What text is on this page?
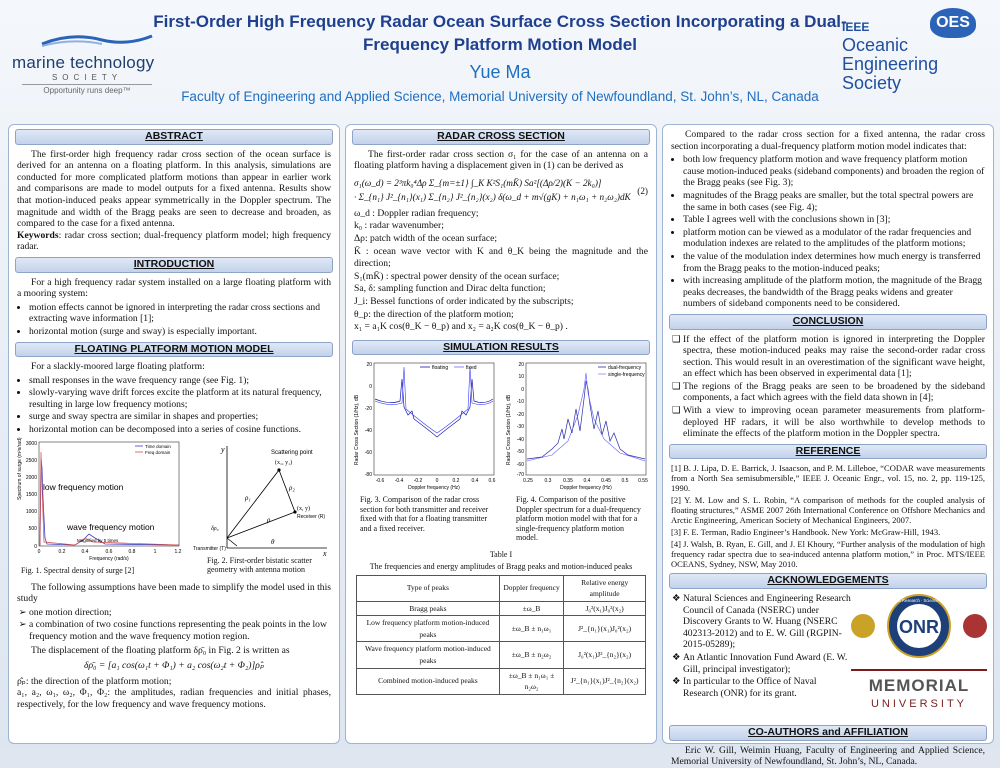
marine technology
SOCIETY
Opportunity runs deep™
First-Order High Frequency Radar Ocean Surface Cross Section Incorporating a Dual-Frequency Platform Motion Model
Yue Ma
Faculty of Engineering and Applied Science, Memorial University of Newfoundland, St. John’s, NL, Canada
OES
IEEE
Oceanic
Engineering Society
ABSTRACT
The first-order high frequency radar cross section of the ocean surface is derived for an antenna on a floating platform. In this analysis, simulations are conducted for more complicated platform motions than appear in earlier work and comparisons are made to model outputs for a fixed antenna. Results show that motion-induced peaks appear symmetrically in the Doppler spectrum. The magnitude and width of the Bragg peaks are seen to decrease and broaden, as compared to the case for a fixed antenna.
Keywords: radar cross section; dual-frequency platform model; high frequency radar.
INTRODUCTION
For a high frequency radar system installed on a large floating platform with a mooring system:
• motion effects cannot be ignored in interpreting the radar cross sections and extracting wave information [1];
• horizontal motion (surge and sway) is especially important.
FLOATING PLATFORM MOTION MODEL
For a slackly-moored large floating platform:
• small responses in the wave frequency range (see Fig. 1);
• slowly-varying wave drift forces excite the platform at its natural frequency, resulting in large low frequency motions;
• surge and sway spectra are similar in shapes and properties;
• horizontal motion can be decomposed into a series of cosine functions.
Spectrum of surge (m²s/rad) 3000
2500
2000
1500
1000
500
0
0	0.2	0.4	0.6	0.8	1	1.2
Frequency (rad/s)
Time domain
Freq domain
low frequency motion
wave frequency motion
Magnified by 5 times
Fig. 1. Spectral density of surge [2]
y
x
Scattering point
(x₁, y₁)
(x, y)
Receiver (R)
Transmitter (T)
ρ₁
ρ₂
ρ
δρ₀
θ
Fig. 2. First-order bistatic scatter geometry with antenna motion
The following assumptions have been made to simplify the model used in this study
➢ one motion direction;
➢ a combination of two cosine functions representing the peak points in the low frequency motion and the wave frequency motion region.
The displacement of the floating platform δρ̄₀ in Fig. 2 is written as
δρ̄₀ = [a₁ cos(ω₁t + Φ₁) + a₂ cos(ω₂t + Φ₂)]ρ̂ₚ
ρ̂ₚ: the direction of the platform motion;
a₁, a₂, ω₁, ω₂, Φ₁, Φ₂: the amplitudes, radian frequencies and initial phases, respectively, for the low frequency and wave frequency motions.
RADAR CROSS SECTION
The first-order radar cross section σ₁ for the case of an antenna on a floating platform having a displacement given in (1) can be derived as
σ₁(ω_d) = 2³πk₀⁴Δρ Σ_{m=±1} ∫_K K²S₁(mK̄) Sa²[(Δρ/2)(K − 2k₀)]
· Σ_{n₁} J²_{n₁}(x₁) Σ_{n₂} J²_{n₂}(x₂) δ(ω_d + m√(gK) + n₁ω₁ + n₂ω₂)dK
(2)
ω_d : Doppler radian frequency;
k₀ : radar wavenumber;
Δρ: patch width of the ocean surface;
K̄ : ocean wave vector with K and θ_K being the magnitude and the direction;
S₁(mK̄) : spectral power density of the ocean surface;
Sa, δ: sampling function and Dirac delta function;
J_i: Bessel functions of order indicated by the subscripts;
θ_p: the direction of the platform motion;
x₁ = a₁K cos(θ_K − θ_p) and x₂ = a₂K cos(θ_K − θ_p) .
SIMULATION RESULTS
Radar Cross Section (1/Hz), dB
20
0
-20
-40
-60
-80
-0.6 -0.4 -0.2	0	0.2 0.4 0.6
Doppler frequency (Hz)
floating	fixed
Radar Cross Section (1/Hz), dB
20
10
0
-10
-20
-30
-40
-50
-60
-70
0.25 0.3 0.35 0.4 0.45 0.5 0.55
Doppler frequency (Hz)
dual-frequency
single-frequency
Fig. 3. Comparison of the radar cross section for both transmitter and receiver fixed with that for a floating transmitter and a fixed receiver.
Fig. 4. Comparison of the positive Doppler spectrum for a dual-frequency platform motion model with that for a single-frequency platform motion model.
Table I
The frequencies and energy amplitudes of Bragg peaks and motion-induced peaks
Type of peaks	Doppler frequency	Relative energy amplitude
Bragg peaks	±ω_B	J₀²(x₁)J₀²(x₂)
Low frequency platform motion-induced peaks	±ω_B ± n₁ω₁	J²_{n₁}(x₁)J₀²(x₂)
Wave frequency platform motion-induced peaks	±ω_B ± n₂ω₂	J₀²(x₁)J²_{n₂}(x₂)
Combined motion-induced peaks	±ω_B ± n₁ω₁ ± n₂ω₂	J²_{n₁}(x₁)J²_{n₂}(x₂)
Compared to the radar cross section for a fixed antenna, the radar cross section incorporating a dual-frequency platform motion model indicates that:
• both low frequency platform motion and wave frequency platform motion cause motion-induced peaks (sideband components) and broaden the region of the Bragg peaks (see Fig. 3);
• magnitudes of the Bragg peaks are smaller, but the total spectral powers are the same in both cases (see Fig. 4);
• Table I agrees well with the conclusions shown in [3];
• platform motion can be viewed as a modulator of the radar frequencies and modulation indexes are related to the amplitudes of the platform motions;
• the value of the modulation index determines how much energy is transferred from the Bragg peaks to the motion-induced peaks;
• with increasing amplitude of the platform motion, the magnitude of the Bragg peaks decreases, the bandwidth of the Bragg peaks widens and greater numbers of sideband components need to be considered.
CONCLUSION
❑ If the effect of the platform motion is ignored in interpreting the Doppler spectra, these motion-induced peaks may raise the second-order radar cross section. This would result in an overestimation of the significant wave height, an effect which has been observed in experimental data [1];
❑ The regions of the Bragg peaks are seen to be broadened by the sideband components, a fact which agrees with the field data shown in [4];
❑ With a view to improving ocean parameter measurements from platform-deployed HF radars, it will be also worthwhile to develop methods to eliminate the effects of the platform motion in the Doppler spectra.
REFERENCE
[1] B. J. Lipa, D. E. Barrick, J. Isaacson, and P. M. Lilleboe, “CODAR wave measurements from a North Sea semisubmersible,” IEEE J. Oceanic Engr., vol. 15, no. 2, pp. 119-125, 1990.
[2] Y. M. Low and S. L. Robin, “A comparison of methods for the coupled analysis of floating structures,” ASME 2007 26th International Conference on Offshore Mechanics and Arctic Engineering, American Society of Mechanical Engineers, 2007.
[3] F. E. Terman, Radio Engineer’s Handbook. New York: McGraw-Hill, 1943.
[4] J. Walsh, B. Ryan, E. Gill, and J. El Khoury, “Further analysis of the modulation of high frequency radar spectra due to sea-induced antenna platform motion,” in Proc. MTS/IEEE OCEANS, Sydney, NSW, May 2010.
ACKNOWLEDGEMENTS
❖ Natural Sciences and Engineering Research Council of Canada (NSERC) under Discovery Grants to W. Huang (NSERC 402313-2012) and to E. W. Gill (RGPIN-2015-05289);
❖ An Atlantic Innovation Fund Award (E. W. Gill, principal investigator);
❖ In particular to the Office of Naval Research (ONR) for its grant.
ONR
Office of Naval Research · Science & Technology
MEMORIAL
UNIVERSITY
CO-AUTHORS and AFFILIATION
Eric W. Gill, Weimin Huang, Faculty of Engineering and Applied Science, Memorial University of Newfoundland, St. John’s, NL, Canada.
